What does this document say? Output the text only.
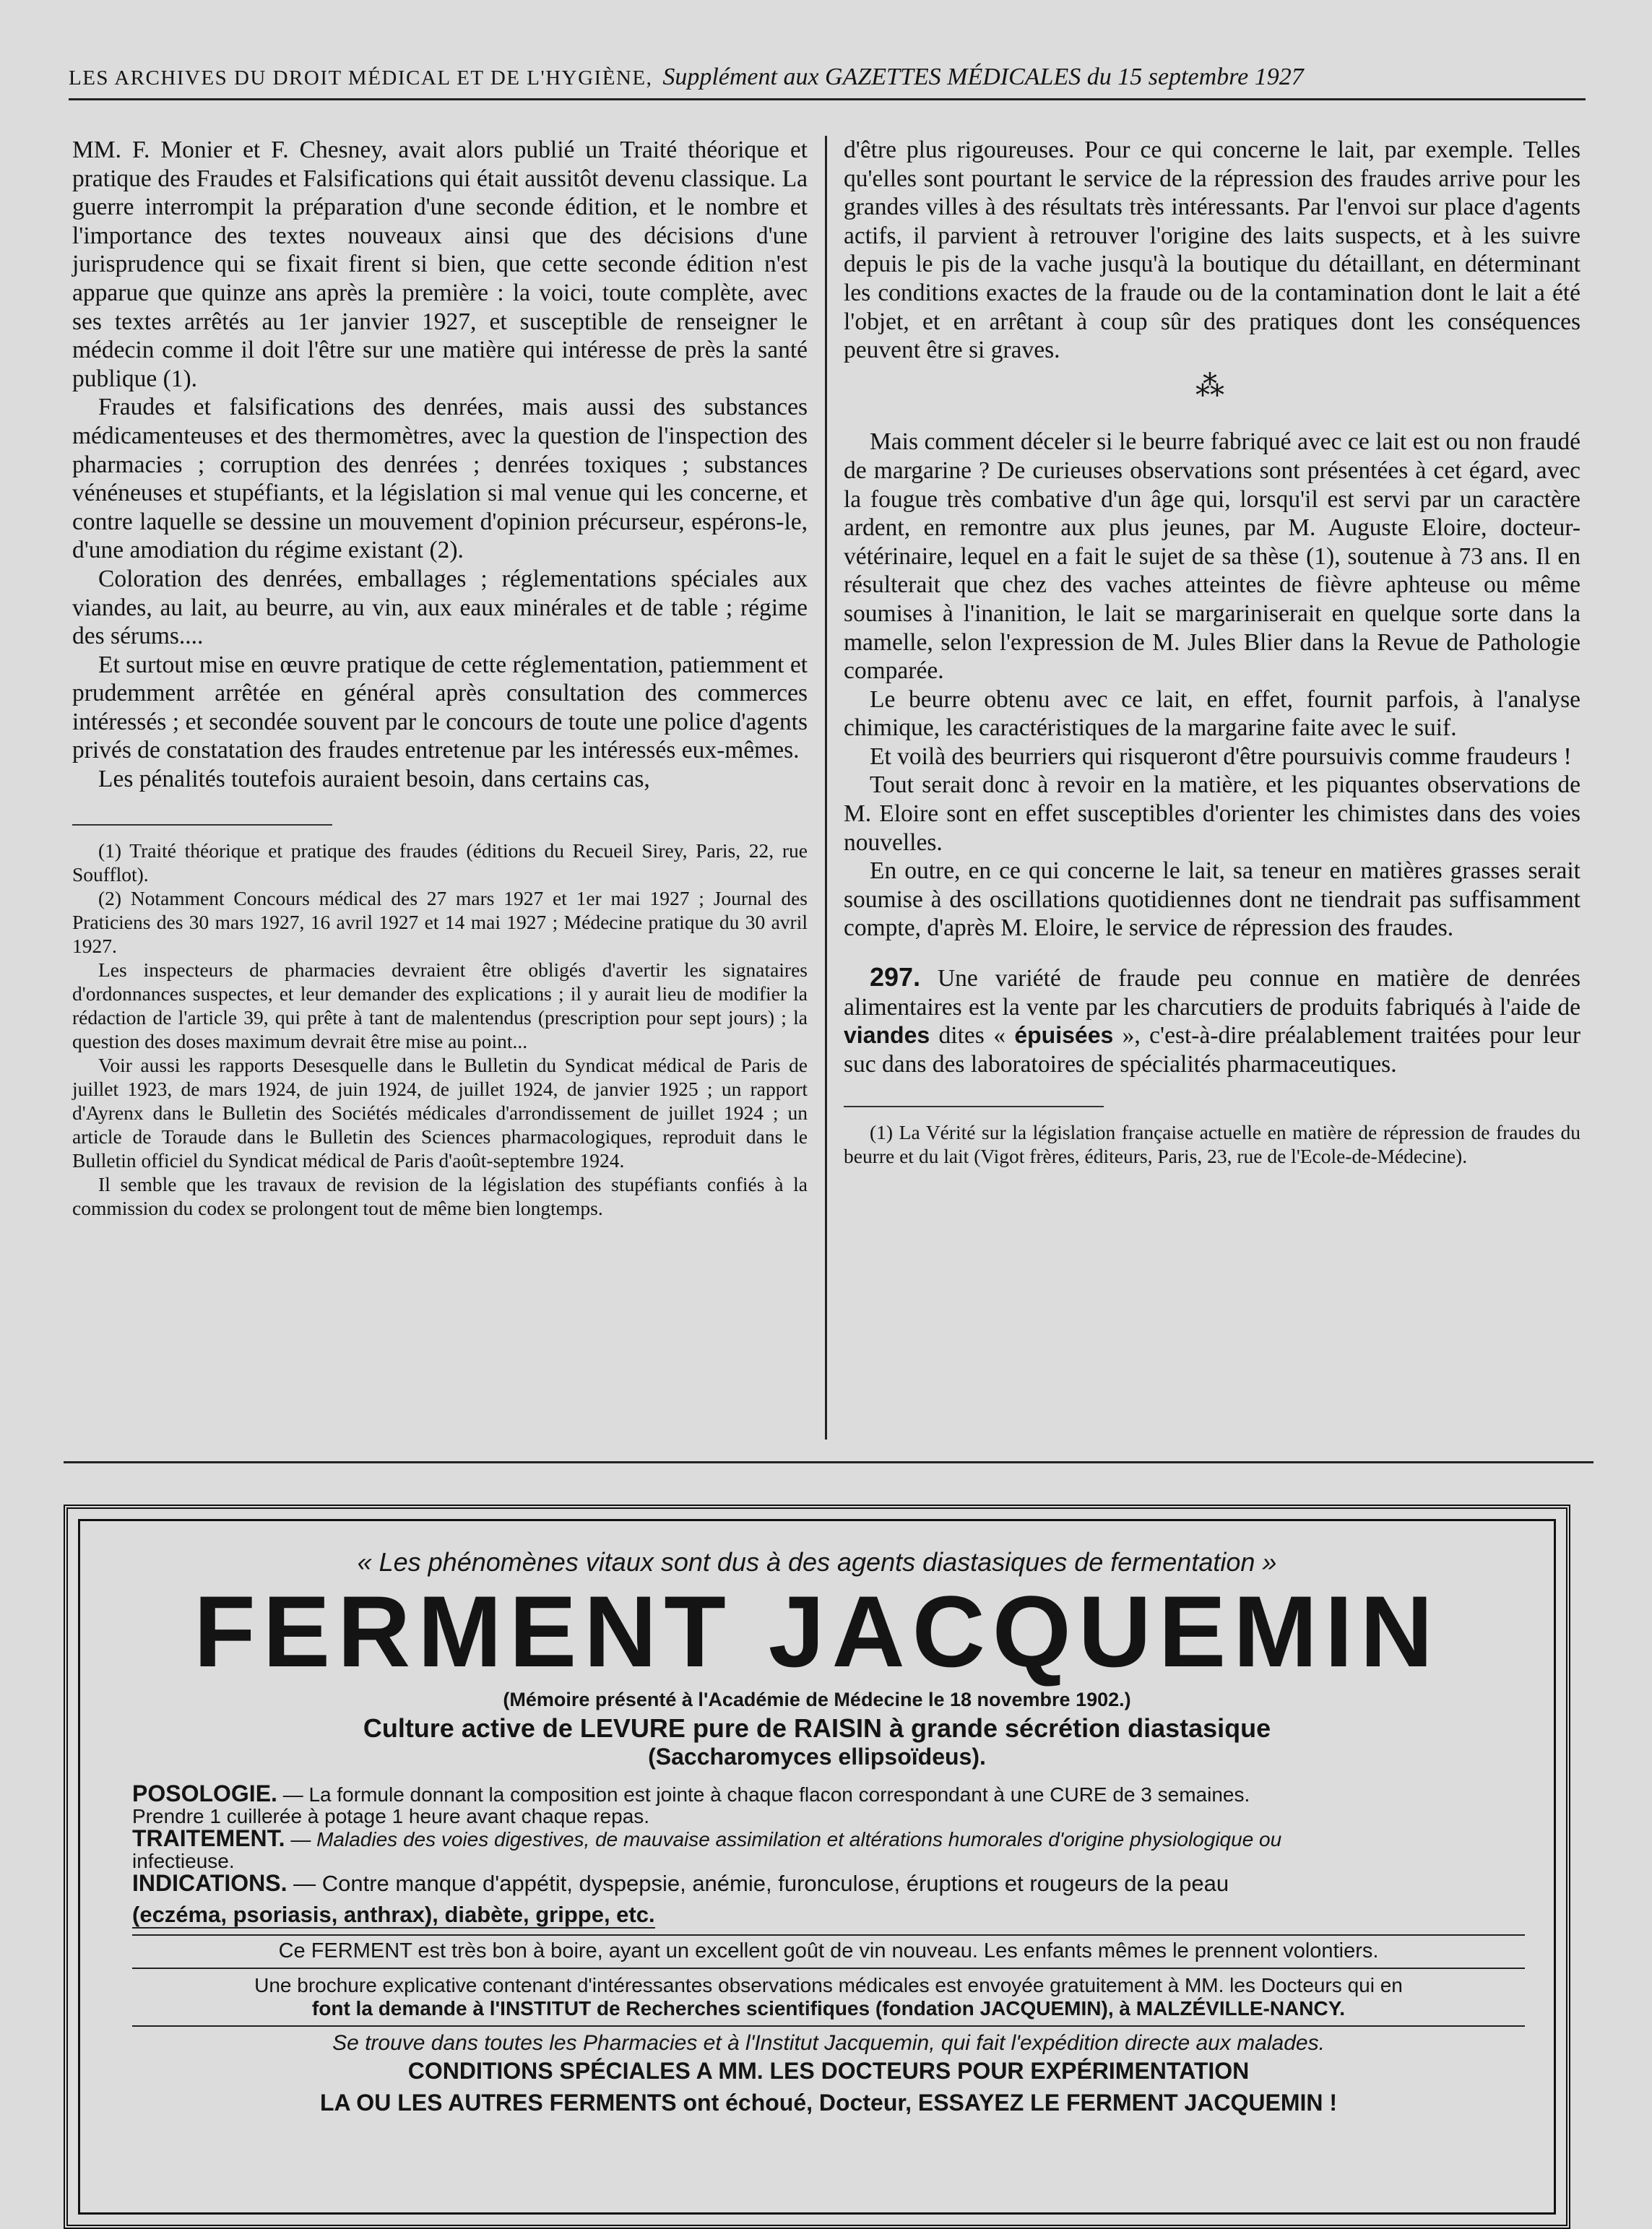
LES ARCHIVES DU DROIT MÉDICAL ET DE L'HYGIÈNE, Supplément aux GAZETTES MÉDICALES du 15 septembre 1927

MM. F. Monier et F. Chesney, avait alors publié un Traité théorique et pratique des Fraudes et Falsifications qui était aussitôt devenu classique. La guerre interrompit la préparation d'une seconde édition, et le nombre et l'importance des textes nouveaux ainsi que des décisions d'une jurisprudence qui se fixait firent si bien, que cette seconde édition n'est apparue que quinze ans après la première : la voici, toute complète, avec ses textes arrêtés au 1er janvier 1927, et susceptible de renseigner le médecin comme il doit l'être sur une matière qui intéresse de près la santé publique (1).

Fraudes et falsifications des denrées, mais aussi des substances médicamenteuses et des thermomètres, avec la question de l'inspection des pharmacies ; corruption des denrées ; denrées toxiques ; substances vénéneuses et stupéfiants, et la législation si mal venue qui les concerne, et contre laquelle se dessine un mouvement d'opinion précurseur, espérons-le, d'une amodiation du régime existant (2).

Coloration des denrées, emballages ; réglementations spéciales aux viandes, au lait, au beurre, au vin, aux eaux minérales et de table ; régime des sérums....

Et surtout mise en œuvre pratique de cette réglementation, patiemment et prudemment arrêtée en général après consultation des commerces intéressés ; et secondée souvent par le concours de toute une police d'agents privés de constatation des fraudes entretenue par les intéressés eux-mêmes.

Les pénalités toutefois auraient besoin, dans certains cas,

(1) Traité théorique et pratique des fraudes (éditions du Recueil Sirey, Paris, 22, rue Soufflot).

(2) Notamment Concours médical des 27 mars 1927 et 1er mai 1927 ; Journal des Praticiens des 30 mars 1927, 16 avril 1927 et 14 mai 1927 ; Médecine pratique du 30 avril 1927.

Les inspecteurs de pharmacies devraient être obligés d'avertir les signataires d'ordonnances suspectes, et leur demander des explications ; il y aurait lieu de modifier la rédaction de l'article 39, qui prête à tant de malentendus (prescription pour sept jours) ; la question des doses maximum devrait être mise au point...

Voir aussi les rapports Desesquelle dans le Bulletin du Syndicat médical de Paris de juillet 1923, de mars 1924, de juin 1924, de juillet 1924, de janvier 1925 ; un rapport d'Ayrenx dans le Bulletin des Sociétés médicales d'arrondissement de juillet 1924 ; un article de Toraude dans le Bulletin des Sciences pharmacologiques, reproduit dans le Bulletin officiel du Syndicat médical de Paris d'août-septembre 1924.

Il semble que les travaux de revision de la législation des stupéfiants confiés à la commission du codex se prolongent tout de même bien longtemps.

d'être plus rigoureuses. Pour ce qui concerne le lait, par exemple. Telles qu'elles sont pourtant le service de la répression des fraudes arrive pour les grandes villes à des résultats très intéressants. Par l'envoi sur place d'agents actifs, il parvient à retrouver l'origine des laits suspects, et à les suivre depuis le pis de la vache jusqu'à la boutique du détaillant, en déterminant les conditions exactes de la fraude ou de la contamination dont le lait a été l'objet, et en arrêtant à coup sûr des pratiques dont les conséquences peuvent être si graves.

⁂

Mais comment déceler si le beurre fabriqué avec ce lait est ou non fraudé de margarine ? De curieuses observations sont présentées à cet égard, avec la fougue très combative d'un âge qui, lorsqu'il est servi par un caractère ardent, en remontre aux plus jeunes, par M. Auguste Eloire, docteur-vétérinaire, lequel en a fait le sujet de sa thèse (1), soutenue à 73 ans. Il en résulterait que chez des vaches atteintes de fièvre aphteuse ou même soumises à l'inanition, le lait se margariniserait en quelque sorte dans la mamelle, selon l'expression de M. Jules Blier dans la Revue de Pathologie comparée.

Le beurre obtenu avec ce lait, en effet, fournit parfois, à l'analyse chimique, les caractéristiques de la margarine faite avec le suif.

Et voilà des beurriers qui risqueront d'être poursuivis comme fraudeurs !

Tout serait donc à revoir en la matière, et les piquantes observations de M. Eloire sont en effet susceptibles d'orienter les chimistes dans des voies nouvelles.

En outre, en ce qui concerne le lait, sa teneur en matières grasses serait soumise à des oscillations quotidiennes dont ne tiendrait pas suffisamment compte, d'après M. Eloire, le service de répression des fraudes.

297. Une variété de fraude peu connue en matière de denrées alimentaires est la vente par les charcutiers de produits fabriqués à l'aide de viandes dites « épuisées », c'est-à-dire préalablement traitées pour leur suc dans des laboratoires de spécialités pharmaceutiques.

(1) La Vérité sur la législation française actuelle en matière de répression de fraudes du beurre et du lait (Vigot frères, éditeurs, Paris, 23, rue de l'Ecole-de-Médecine).

« Les phénomènes vitaux sont dus à des agents diastasiques de fermentation »
FERMENT JACQUEMIN
(Mémoire présenté à l'Académie de Médecine le 18 novembre 1902.)
Culture active de LEVURE pure de RAISIN à grande sécrétion diastasique
(Saccharomyces ellipsoïdeus).
POSOLOGIE. — La formule donnant la composition est jointe à chaque flacon correspondant à une CURE de 3 semaines.
Prendre 1 cuillerée à potage 1 heure avant chaque repas.
TRAITEMENT. — Maladies des voies digestives, de mauvaise assimilation et altérations humorales d'origine physiologique ou
infectieuse.
INDICATIONS. — Contre manque d'appétit, dyspepsie, anémie, furonculose, éruptions et rougeurs de la peau
(eczéma, psoriasis, anthrax), diabète, grippe, etc.
Ce FERMENT est très bon à boire, ayant un excellent goût de vin nouveau. Les enfants mêmes le prennent volontiers.
Une brochure explicative contenant d'intéressantes observations médicales est envoyée gratuitement à MM. les Docteurs qui en
font la demande à l'INSTITUT de Recherches scientifiques (fondation JACQUEMIN), à MALZÉVILLE-NANCY.
Se trouve dans toutes les Pharmacies et à l'Institut Jacquemin, qui fait l'expédition directe aux malades.
CONDITIONS SPÉCIALES A MM. LES DOCTEURS POUR EXPÉRIMENTATION
LA OU LES AUTRES FERMENTS ont échoué, Docteur, ESSAYEZ LE FERMENT JACQUEMIN !
